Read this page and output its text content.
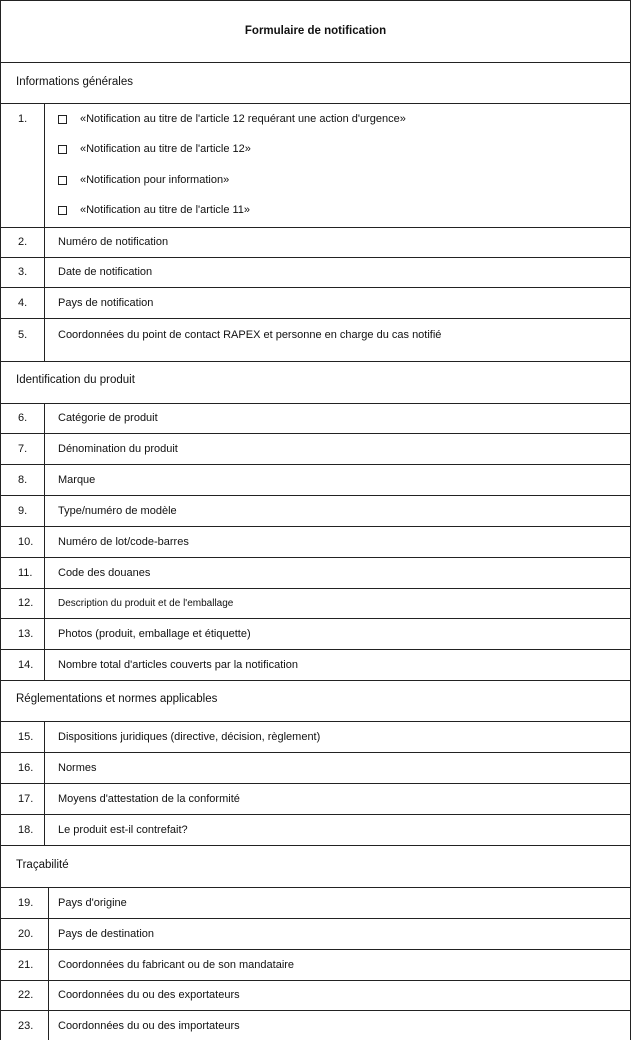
Formulaire de notification
Informations générales
Identification du produit
Réglementations et normes applicables
Traçabilité
1.	«Notification au titre de l'article 12 requérant une action d'urgence»
«Notification au titre de l'article 12»
«Notification pour information»
«Notification au titre de l'article 11»
2.	Numéro de notification
3.	Date de notification
4.	Pays de notification
5.	Coordonnées du point de contact RAPEX et personne en charge du cas notifié
6.	Catégorie de produit
7.	Dénomination du produit
8.	Marque
9.	Type/numéro de modèle
10. Numéro de lot/code-barres
11. Code des douanes
12. Description du produit et de l'emballage
13. Photos (produit, emballage et étiquette)
14. Nombre total d'articles couverts par la notification
15. Dispositions juridiques (directive, décision, règlement)
16. Normes
17. Moyens d'attestation de la conformité
18. Le produit est-il contrefait?
19. Pays d'origine
20. Pays de destination
21. Coordonnées du fabricant ou de son mandataire
22. Coordonnées du ou des exportateurs
23. Coordonnées du ou des importateurs
